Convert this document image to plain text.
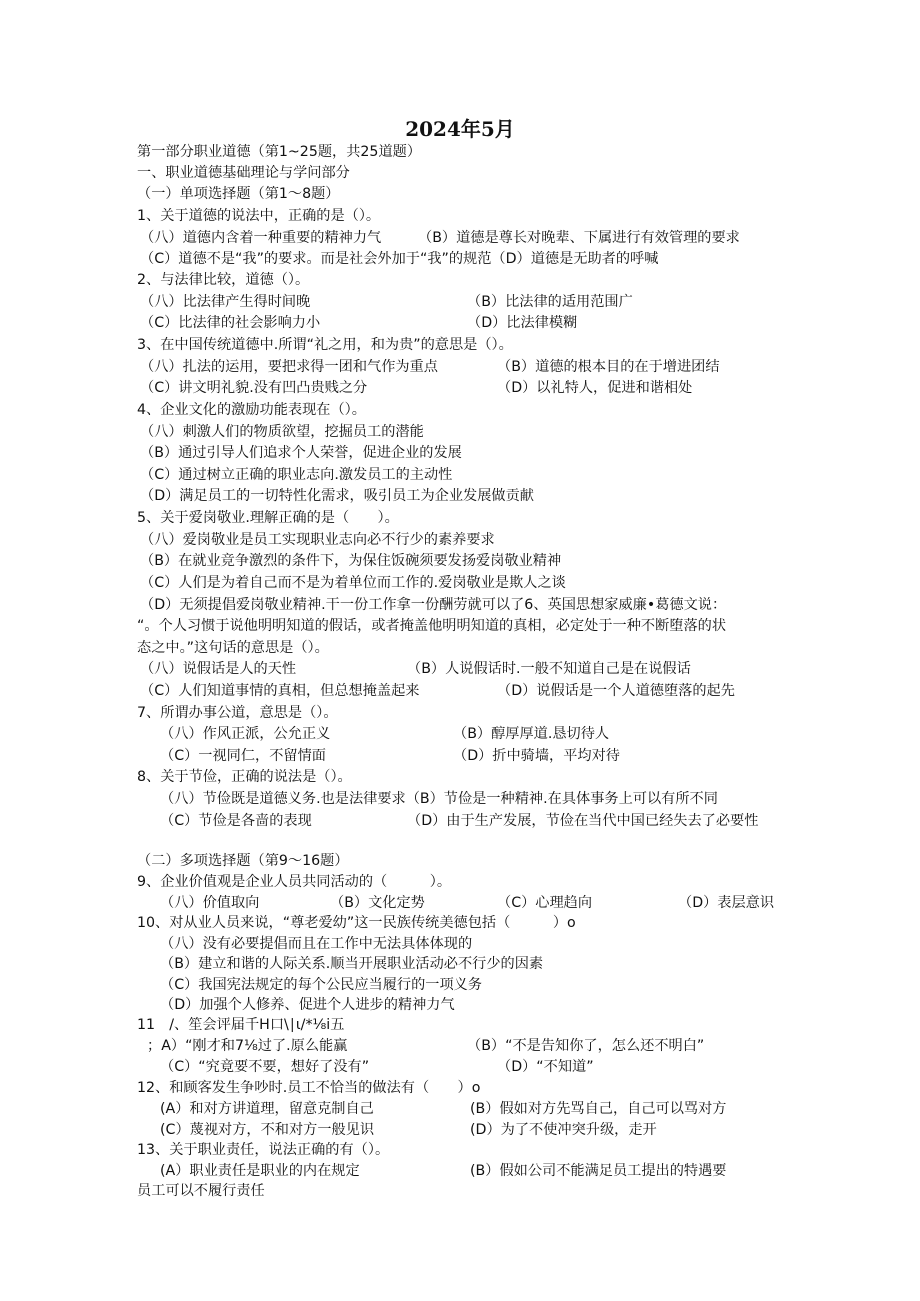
2024年5月
第一部分职业道德（第1~25题，共25道题）
一、职业道德基础理论与学问部分
（一）单项选择题（第1〜8题）
1、关于道德的说法中，正确的是（）。
（八）道德内含着一种重要的精神力气	（B）道德是尊长对晚辈、下属进行有效管理的要求
（C）道德不是“我”的要求。而是社会外加于“我”的规范（D）道德是无助者的呼喊
2、与法律比较，道德（）。
（八）比法律产生得时间晚	（B）比法律的适用范围广
（C）比法律的社会影响力小	（D）比法律模糊
3、在中国传统道德中.所谓“礼之用，和为贵”的意思是（）。
（八）扎法的运用，要把求得一团和气作为重点	（B）道德的根本目的在于增进团结
（C）讲文明礼貌.没有凹凸贵贱之分	（D）以礼特人，促进和谐相处
4、企业文化的激励功能表现在（）。
（八）刺激人们的物质欲望，挖掘员工的潜能
（B）通过引导人们追求个人荣誉，促进企业的发展
（C）通过树立正确的职业志向.激发员工的主动性
（D）满足员工的一切特性化需求，吸引员工为企业发展做贡献
5、关于爱岗敬业.理解正确的是（　　）。
（八）爱岗敬业是员工实现职业志向必不行少的素养要求
（B）在就业竞争激烈的条件下，为保住饭碗须要发扬爱岗敬业精神
（C）人们是为着自己而不是为着单位而工作的.爱岗敬业是欺人之谈
（D）无须提倡爱岗敬业精神.干一份工作拿一份酬劳就可以了6、英国思想家威廉•葛德文说：
“。个人习惯于说他明明知道的假话，或者掩盖他明明知道的真相，必定处于一种不断堕落的状
态之中。”这句话的意思是（）。
（八）说假话是人的天性	（B）人说假话时.一般不知道自己是在说假话
（C）人们知道事情的真相，但总想掩盖起来	（D）说假话是一个人道德堕落的起先
7、所谓办事公道，意思是（）。
（八）作风正派，公允正义	（B）醇厚厚道.恳切待人
（C）一视同仁，不留情面	（D）折中骑墙，平均对待
8、关于节俭，正确的说法是（）。
（八）节俭既是道德义务.也是法律要求（B）节俭是一种精神.在具体事务上可以有所不同
（C）节俭是各啬的表现	（D）由于生产发展，节俭在当代中国已经失去了必要性
（二）多项选择题（第9〜16题）
9、企业价值观是企业人员共同活动的（　　　）。
（八）价值取向	（B）文化定势	（C）心理趋向	（D）表层意识
10、对从业人员来说，“尊老爱幼”这一民族传统美德包括（　　　）o
（八）没有必要提倡而且在工作中无法具体体现的
（B）建立和谐的人际关系.顺当开展职业活动必不行少的因素
（C）我国宪法规定的每个公民应当履行的一项义务
（D）加强个人修养、促进个人进步的精神力气
11　/、笙会评届千H口\∣ι/*⅛i五
；A）“刚才和7⅛过了.原么能赢	（B）“不是告知你了，怎么还不明白”
（C）“究竟要不要，想好了没有”	（D）“不知道”
12、和顾客发生争吵时.员工不恰当的做法有（　　）o
(A）和对方讲道理，留意克制自己	(B）假如对方先骂自己，自己可以骂对方
(C）蔑视对方，不和对方一般见识	(D）为了不使冲突升级，走开
13、关于职业责任，说法正确的有（）。
(A）职业责任是职业的内在规定	(B）假如公司不能满足员工提出的特遇要
员工可以不履行责任
